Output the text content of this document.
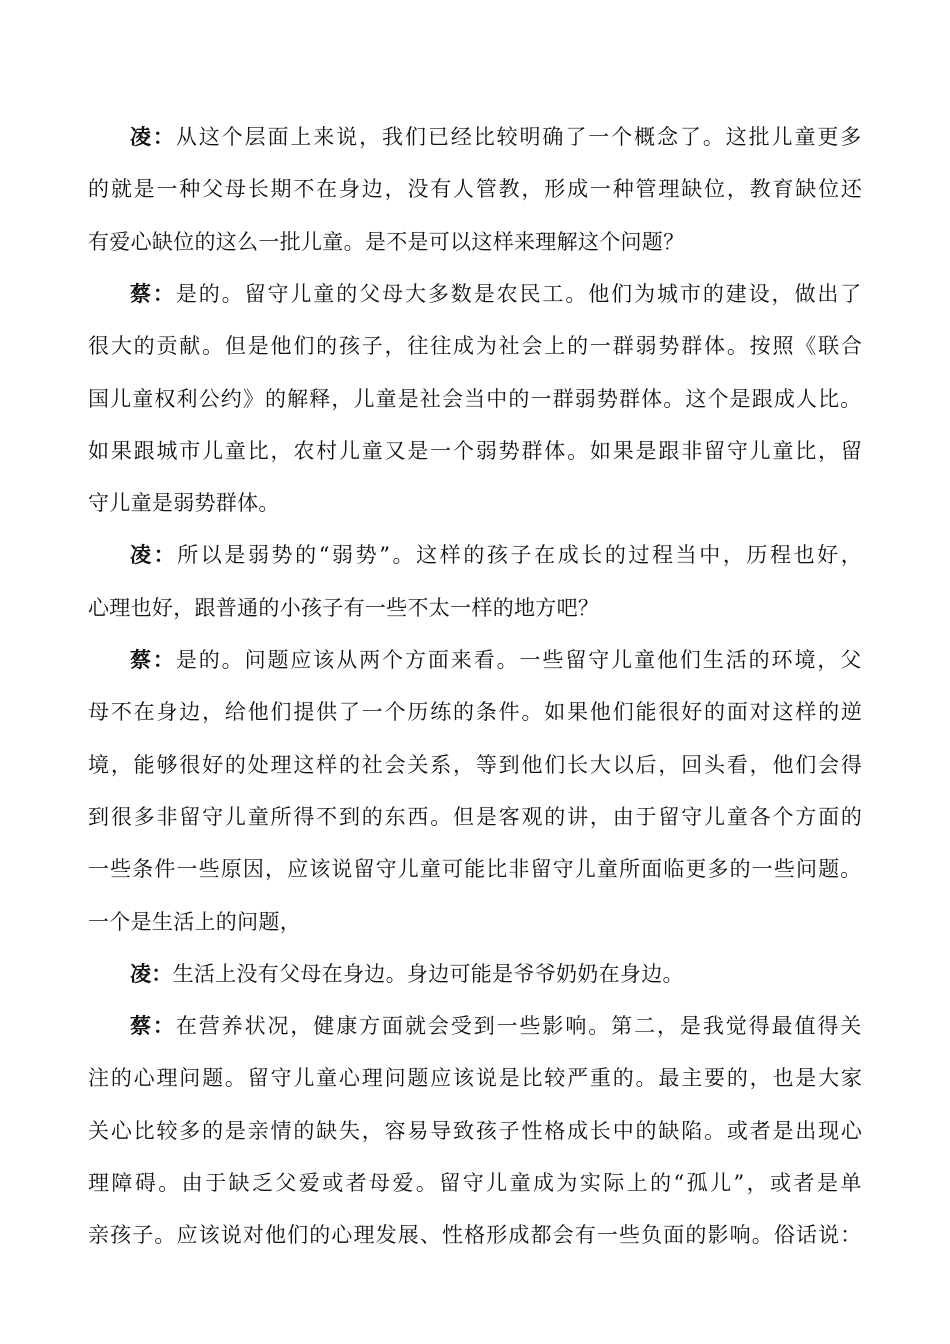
凌：从这个层面上来说，我们已经比较明确了一个概念了。这批儿童更多
的就是一种父母长期不在身边，没有人管教，形成一种管理缺位，教育缺位还
有爱心缺位的这么一批儿童。是不是可以这样来理解这个问题？
蔡：是的。留守儿童的父母大多数是农民工。他们为城市的建设，做出了
很大的贡献。但是他们的孩子，往往成为社会上的一群弱势群体。按照《联合
国儿童权利公约》的解释，儿童是社会当中的一群弱势群体。这个是跟成人比。
如果跟城市儿童比，农村儿童又是一个弱势群体。如果是跟非留守儿童比，留
守儿童是弱势群体。
凌：所以是弱势的“弱势”。这样的孩子在成长的过程当中，历程也好，
心理也好，跟普通的小孩子有一些不太一样的地方吧？
蔡：是的。问题应该从两个方面来看。一些留守儿童他们生活的环境，父
母不在身边，给他们提供了一个历练的条件。如果他们能很好的面对这样的逆
境，能够很好的处理这样的社会关系，等到他们长大以后，回头看，他们会得
到很多非留守儿童所得不到的东西。但是客观的讲，由于留守儿童各个方面的
一些条件一些原因，应该说留守儿童可能比非留守儿童所面临更多的一些问题。
一个是生活上的问题，
凌：生活上没有父母在身边。身边可能是爷爷奶奶在身边。
蔡：在营养状况，健康方面就会受到一些影响。第二，是我觉得最值得关
注的心理问题。留守儿童心理问题应该说是比较严重的。最主要的，也是大家
关心比较多的是亲情的缺失，容易导致孩子性格成长中的缺陷。或者是出现心
理障碍。由于缺乏父爱或者母爱。留守儿童成为实际上的“孤儿”，或者是单
亲孩子。应该说对他们的心理发展、性格形成都会有一些负面的影响。俗话说：
